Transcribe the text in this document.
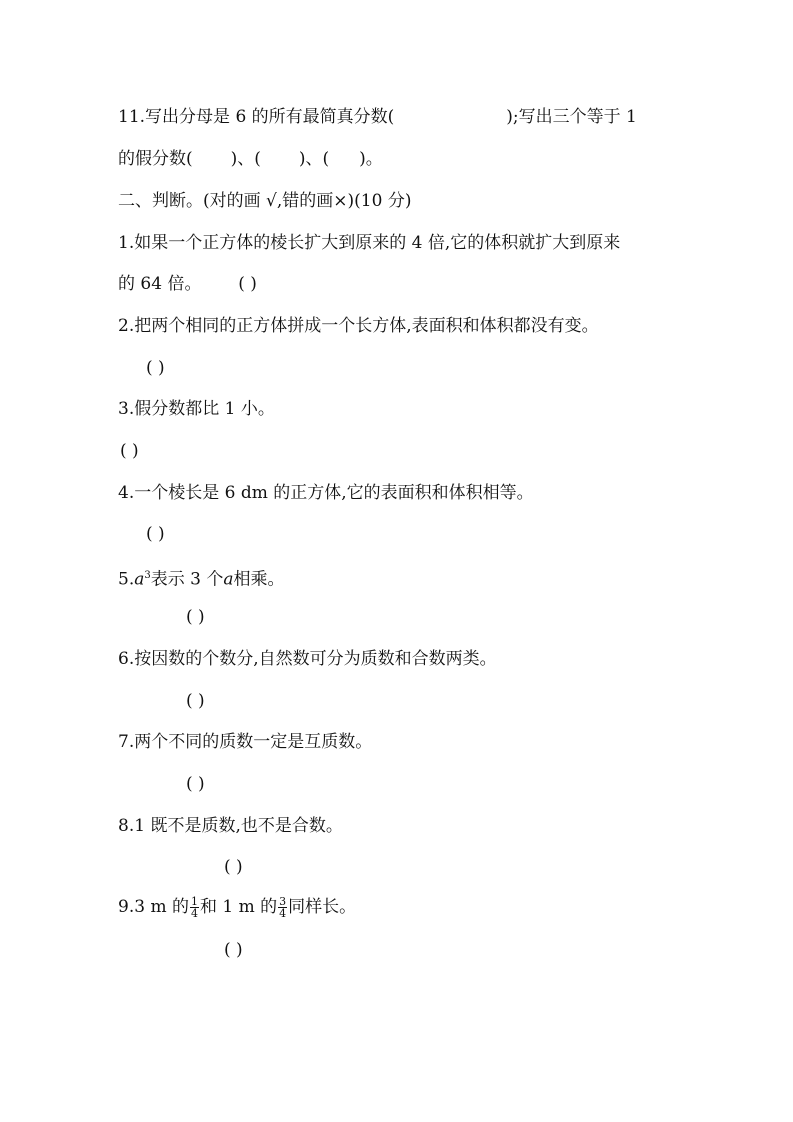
11.写出分母是 6 的所有最简真分数(	);写出三个等于 1
的假分数( )、( )、( )。
二、判断。(对的画 √,错的画×)(10 分)
1.如果一个正方体的棱长扩大到原来的 4 倍,它的体积就扩大到原来
的 64 倍。 ( )
2.把两个相同的正方体拼成一个长方体,表面积和体积都没有变。
( )
3.假分数都比 1 小。
( )
4.一个棱长是 6 dm 的正方体,它的表面积和体积相等。
( )
$5.a^3$表示 3 个a相乘。
( )
6.按因数的个数分,自然数可分为质数和合数两类。
( )
7.两个不同的质数一定是互质数。
( )
8.1 既不是质数,也不是合数。
( )
9.3 m 的 $\frac{1}{4}$ 和 1 m 的 $\frac{3}{4}$ 同样长。
( )
